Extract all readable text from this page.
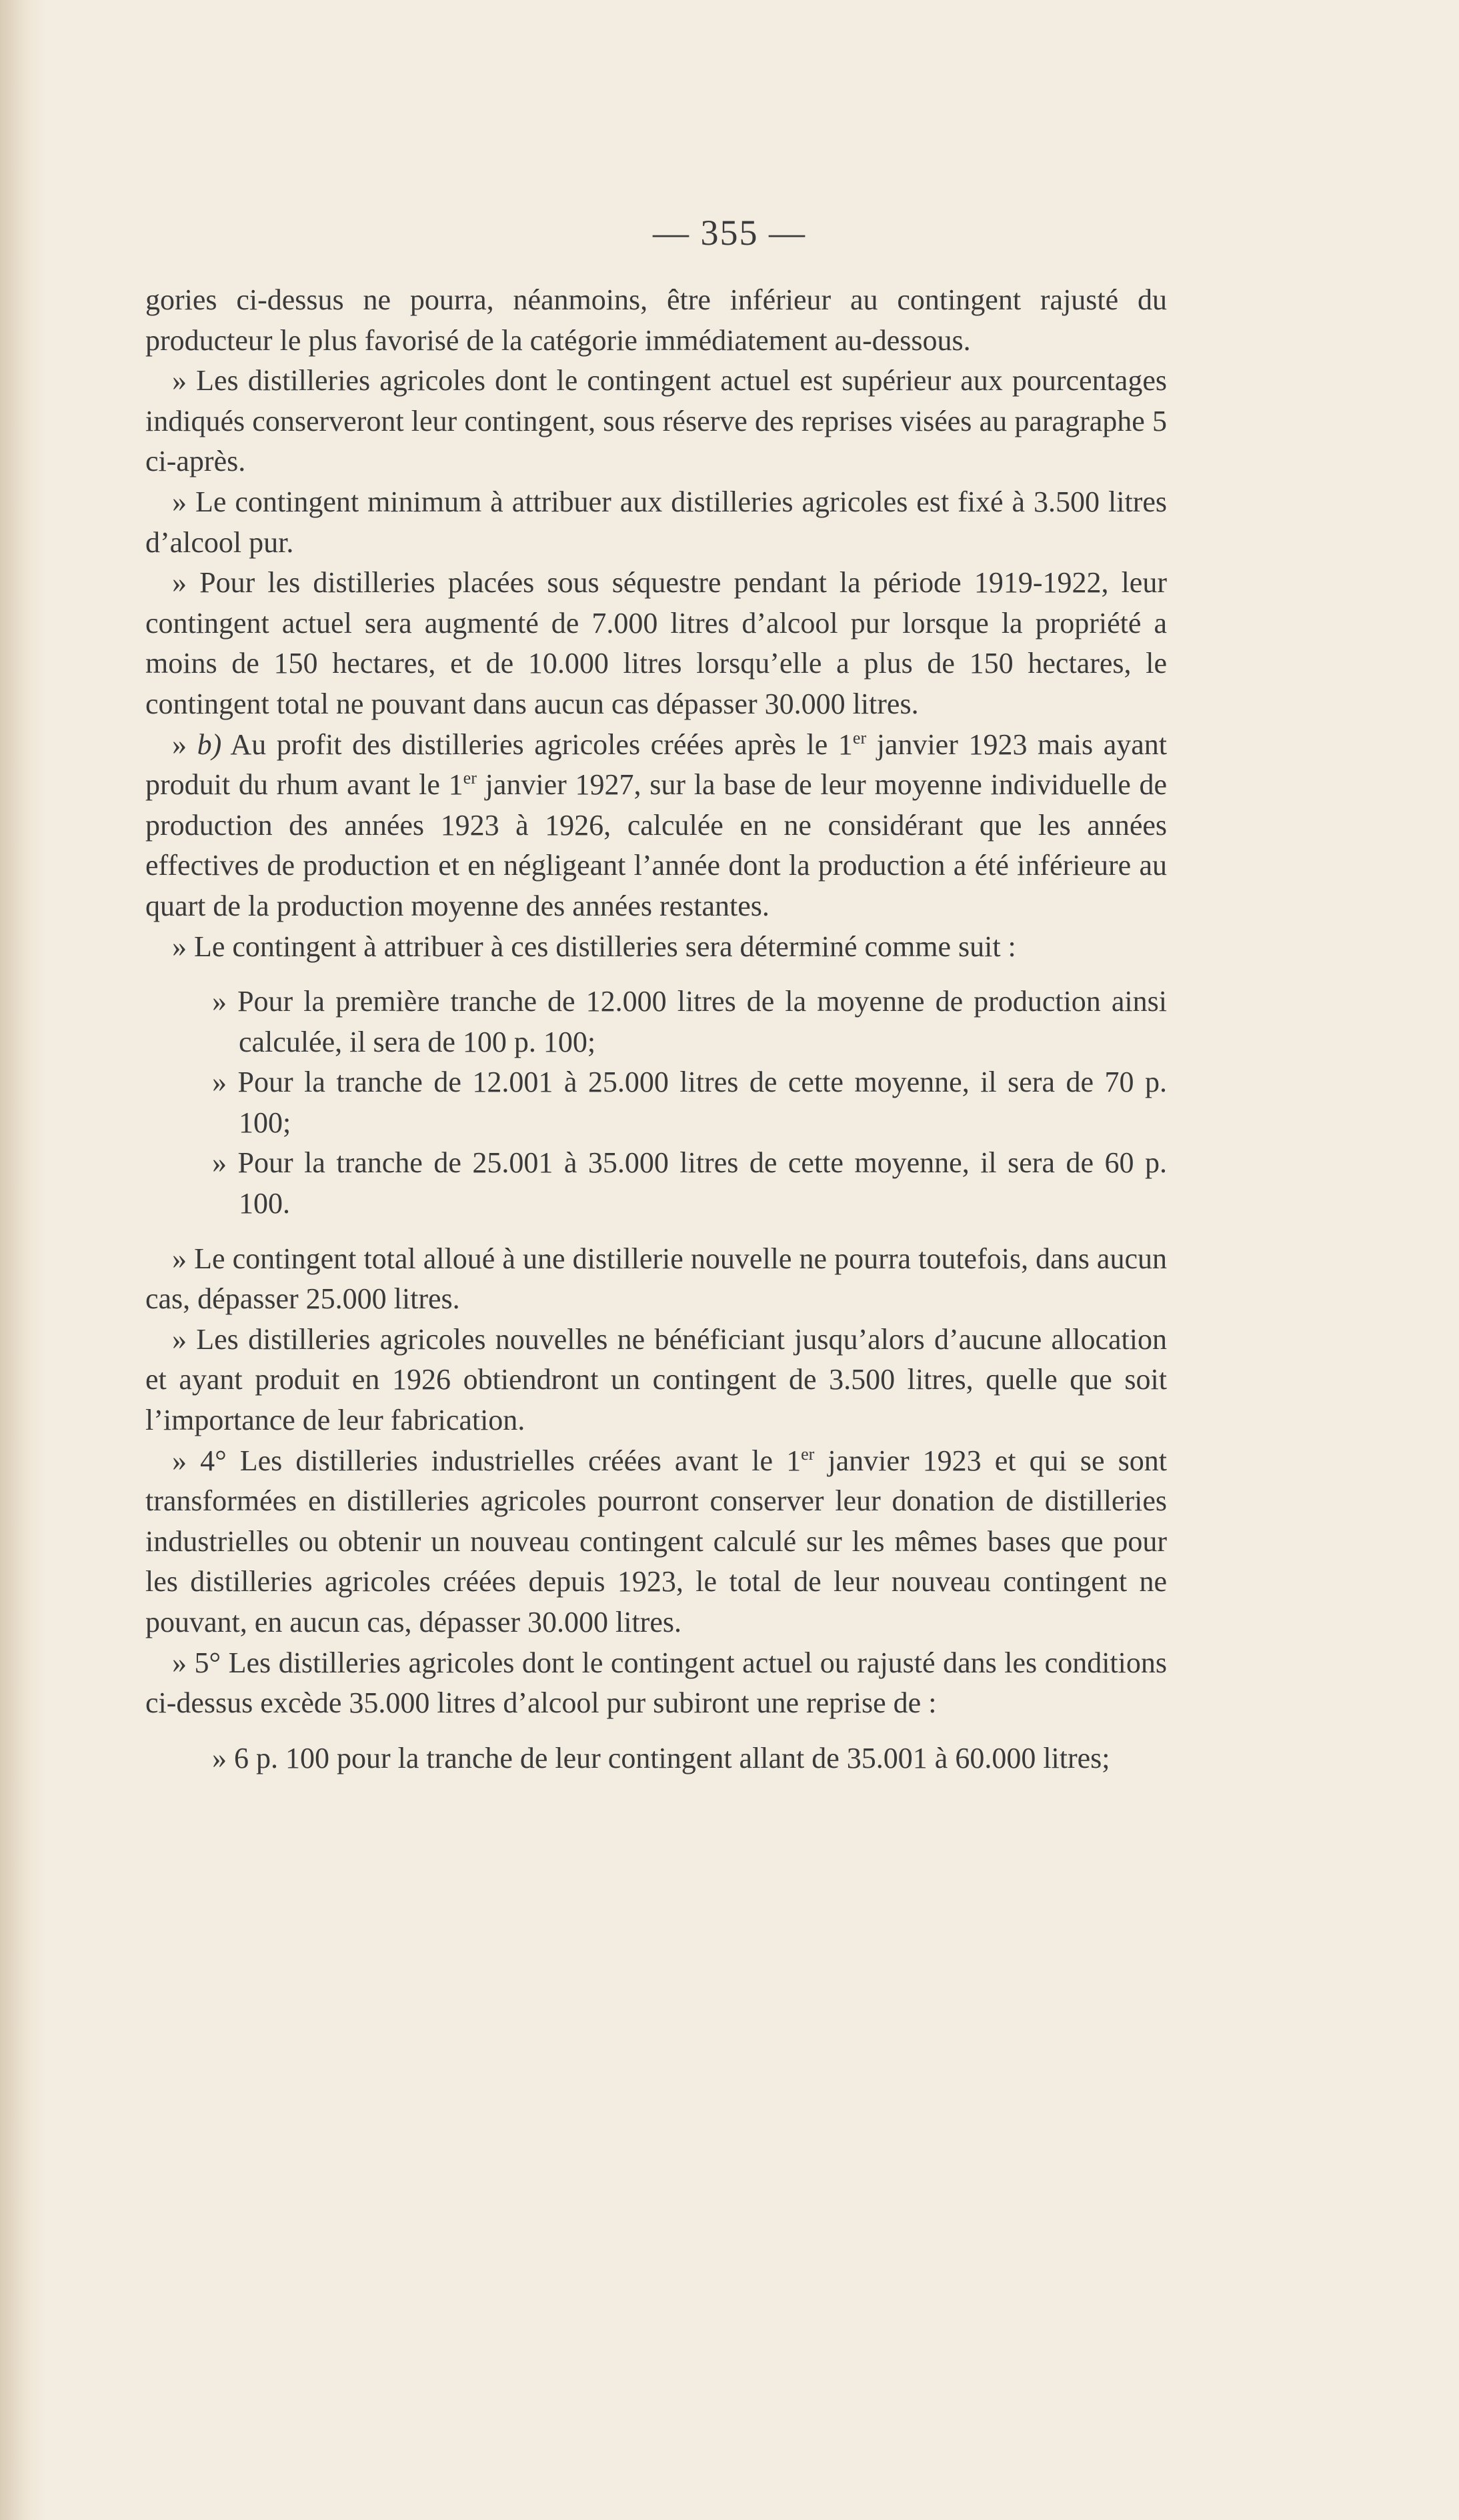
— 355 —

gories ci-dessus ne pourra, néanmoins, être inférieur au contingent rajusté du producteur le plus favorisé de la catégorie immédiatement au-dessous.

» Les distilleries agricoles dont le contingent actuel est supérieur aux pourcentages indiqués conserveront leur contingent, sous réserve des reprises visées au paragraphe 5 ci-après.

» Le contingent minimum à attribuer aux distilleries agricoles est fixé à 3.500 litres d’alcool pur.

» Pour les distilleries placées sous séquestre pendant la période 1919-1922, leur contingent actuel sera augmenté de 7.000 litres d’alcool pur lorsque la propriété a moins de 150 hectares, et de 10.000 litres lorsqu’elle a plus de 150 hectares, le contingent total ne pouvant dans aucun cas dépasser 30.000 litres.

» b) Au profit des distilleries agricoles créées après le 1er janvier 1923 mais ayant produit du rhum avant le 1er janvier 1927, sur la base de leur moyenne individuelle de production des années 1923 à 1926, calculée en ne considérant que les années effectives de production et en négligeant l’année dont la production a été inférieure au quart de la production moyenne des années restantes.

» Le contingent à attribuer à ces distilleries sera déterminé comme suit :

» Pour la première tranche de 12.000 litres de la moyenne de production ainsi calculée, il sera de 100 p. 100;

» Pour la tranche de 12.001 à 25.000 litres de cette moyenne, il sera de 70 p. 100;

» Pour la tranche de 25.001 à 35.000 litres de cette moyenne, il sera de 60 p. 100.

» Le contingent total alloué à une distillerie nouvelle ne pourra toutefois, dans aucun cas, dépasser 25.000 litres.

» Les distilleries agricoles nouvelles ne bénéficiant jusqu’alors d’aucune allocation et ayant produit en 1926 obtiendront un contingent de 3.500 litres, quelle que soit l’importance de leur fabrication.

» 4° Les distilleries industrielles créées avant le 1er janvier 1923 et qui se sont transformées en distilleries agricoles pourront conserver leur donation de distilleries industrielles ou obtenir un nouveau contingent calculé sur les mêmes bases que pour les distilleries agricoles créées depuis 1923, le total de leur nouveau contingent ne pouvant, en aucun cas, dépasser 30.000 litres.

» 5° Les distilleries agricoles dont le contingent actuel ou rajusté dans les conditions ci-dessus excède 35.000 litres d’alcool pur subiront une reprise de :

» 6 p. 100 pour la tranche de leur contingent allant de 35.001 à 60.000 litres;
